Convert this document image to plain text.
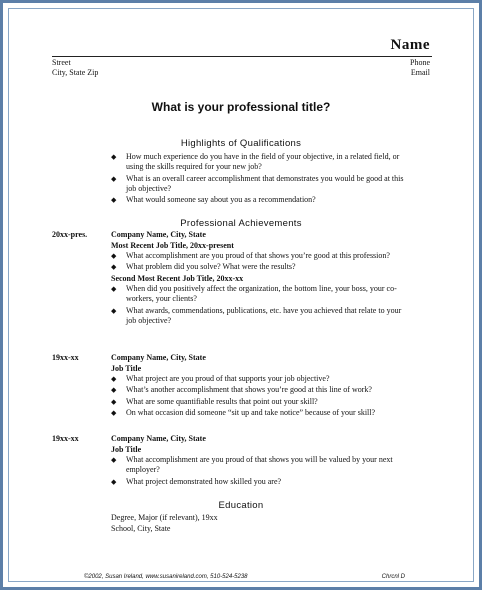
Name
Street
City, State Zip
Phone
Email
What is your professional title?
Highlights of Qualifications
◆ How much experience do you have in the field of your objective, in a related field, or using the skills required for your new job?
◆ What is an overall career accomplishment that demonstrates you would be good at this job objective?
◆ What would someone say about you as a recommendation?
Professional Achievements
20xx-pres.	Company Name, City, State
Most Recent Job Title, 20xx-present
◆ What accomplishment are you proud of that shows you’re good at this profession?
◆ What problem did you solve? What were the results?
Second Most Recent Job Title, 20xx-xx
◆ When did you positively affect the organization, the bottom line, your boss, your co-workers, your clients?
◆ What awards, commendations, publications, etc. have you achieved that relate to your job objective?
19xx-xx	Company Name, City, State
Job Title
◆ What project are you proud of that supports your job objective?
◆ What’s another accomplishment that shows you’re good at this line of work?
◆ What are some quantifiable results that point out your skill?
◆ On what occasion did someone “sit up and take notice” because of your skill?
19xx-xx	Company Name, City, State
Job Title
◆ What accomplishment are you proud of that shows you will be valued by your next employer?
◆ What project demonstrated how skilled you are?
Education
Degree, Major (if relevant), 19xx
School, City, State
©2002, Susan Ireland, www.susanireland.com, 510-524-5238	Chrcnl D
